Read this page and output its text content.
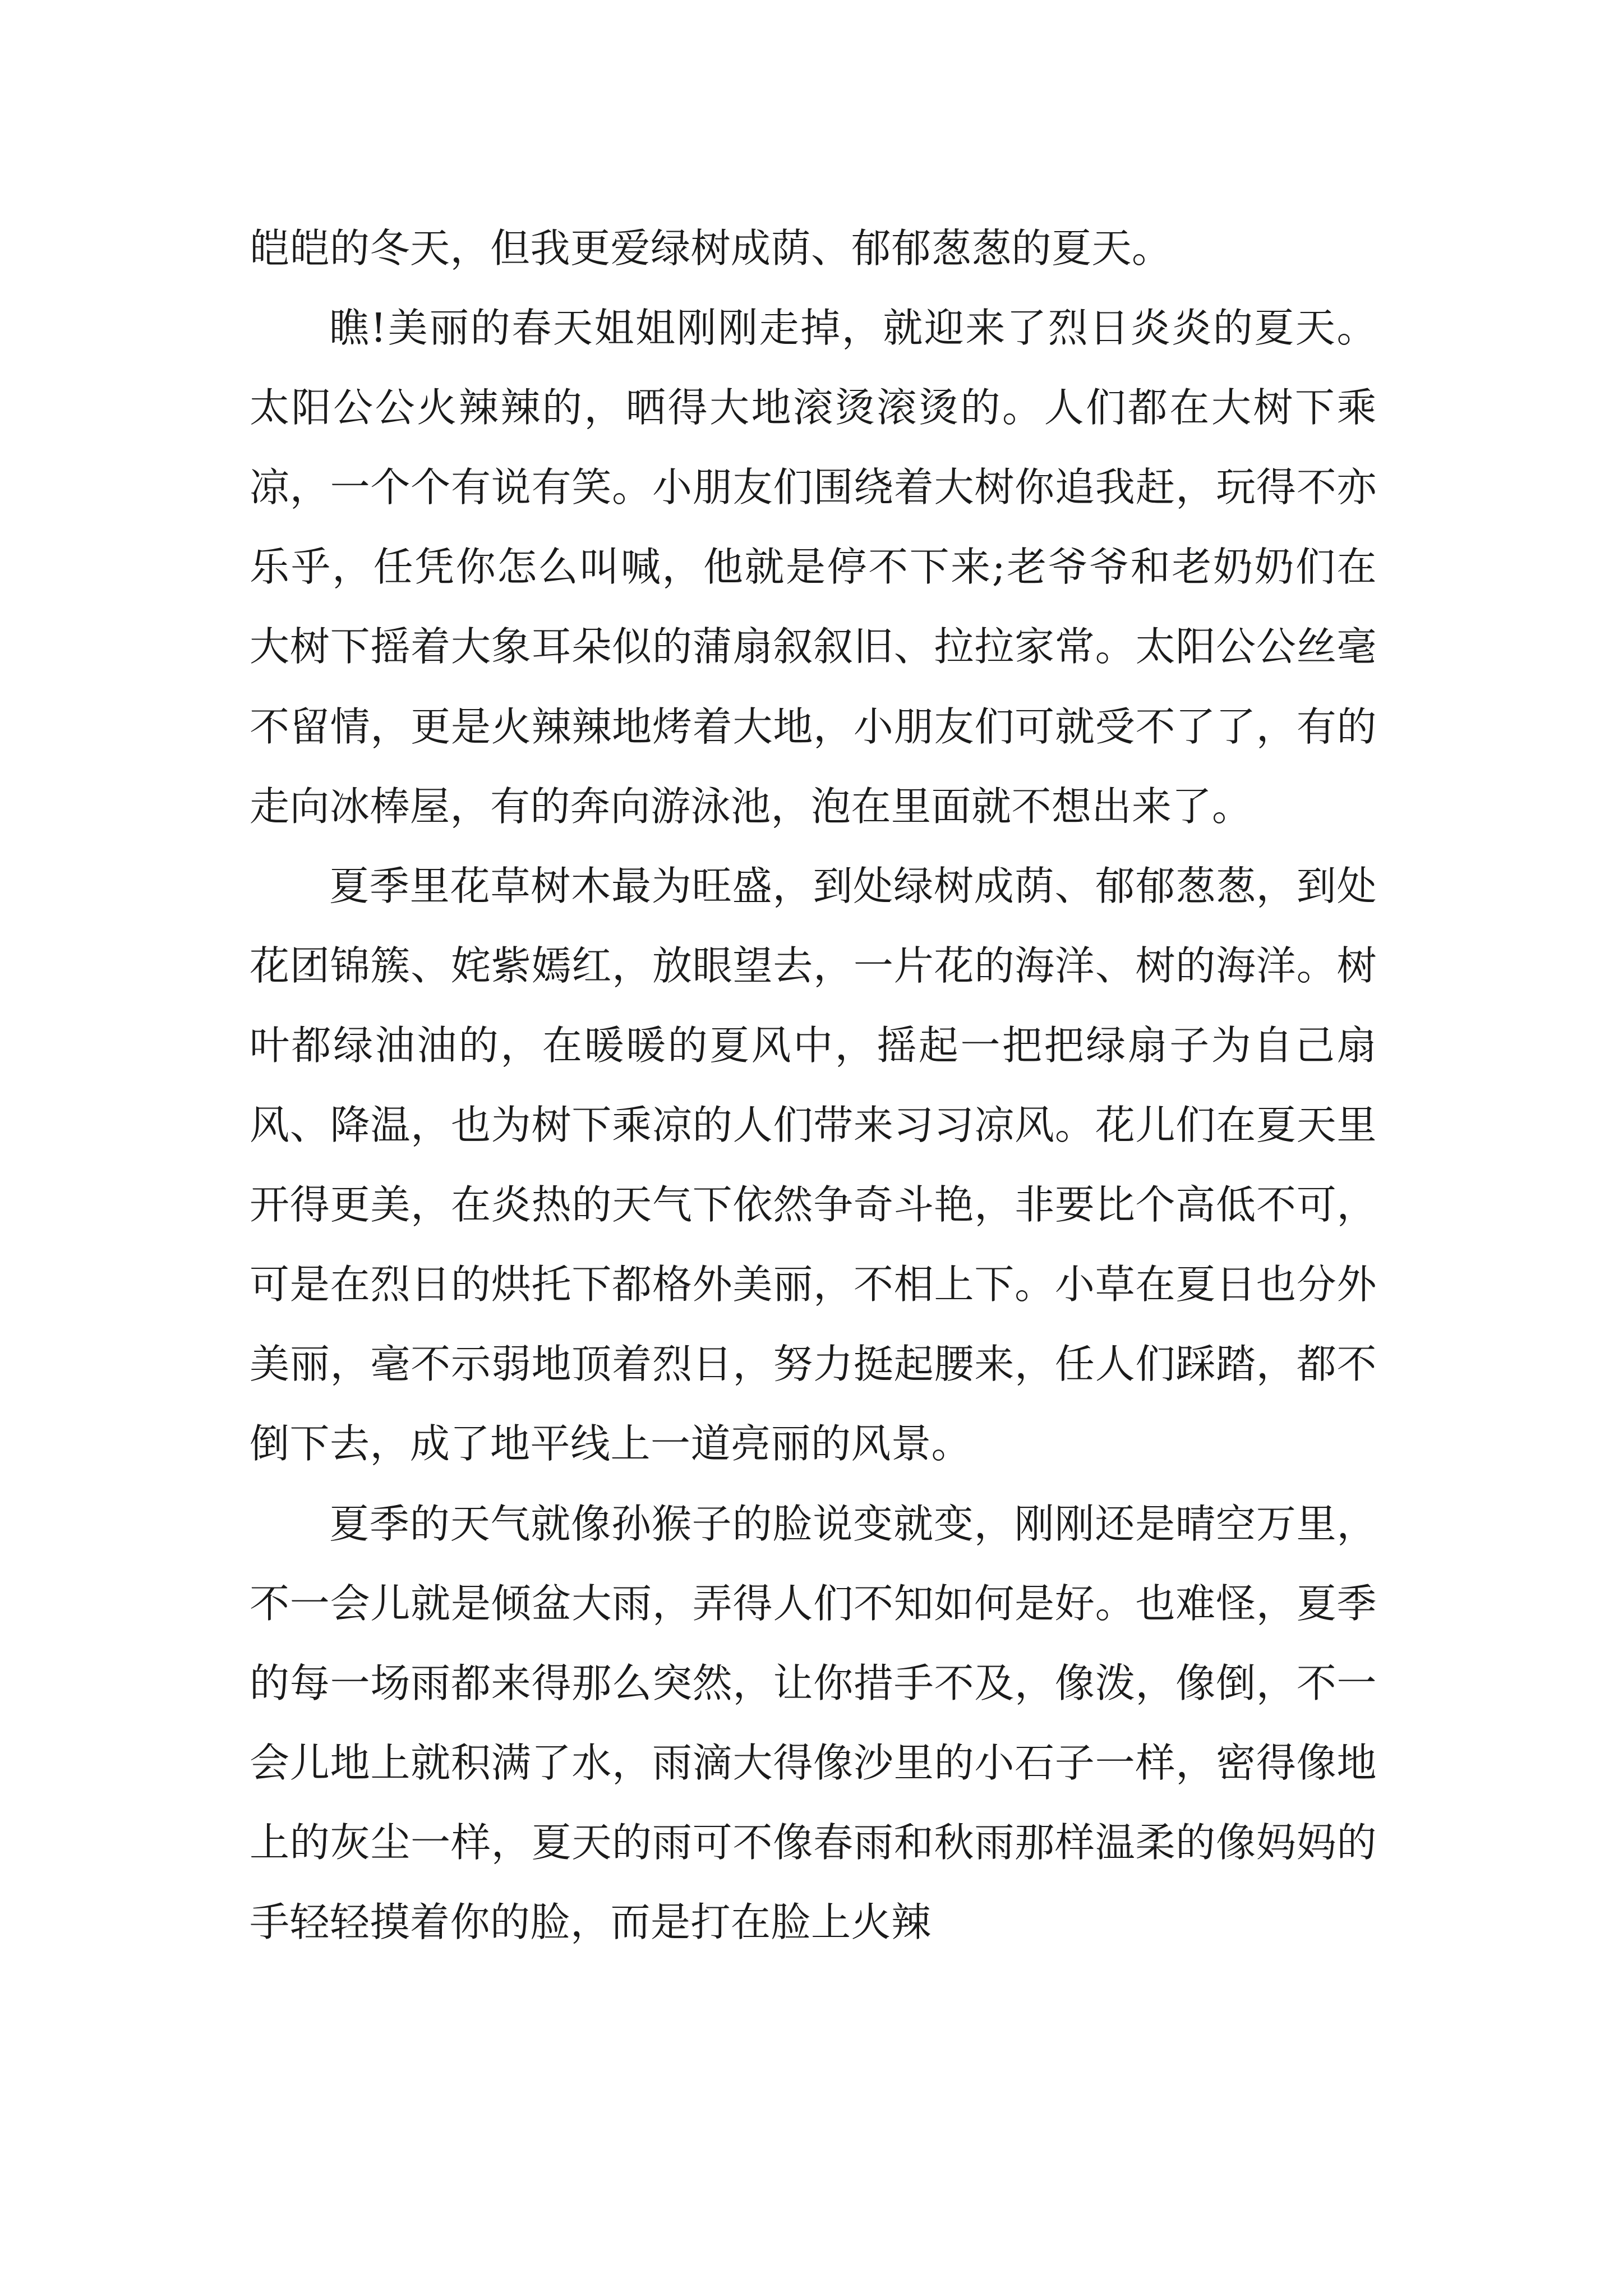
皑皑的冬天，但我更爱绿树成荫、郁郁葱葱的夏天。

瞧!美丽的春天姐姐刚刚走掉，就迎来了烈日炎炎的夏天。太阳公公火辣辣的，晒得大地滚烫滚烫的。人们都在大树下乘凉，一个个有说有笑。小朋友们围绕着大树你追我赶，玩得不亦乐乎，任凭你怎么叫喊，他就是停不下来;老爷爷和老奶奶们在大树下摇着大象耳朵似的蒲扇叙叙旧、拉拉家常。太阳公公丝毫不留情，更是火辣辣地烤着大地，小朋友们可就受不了了，有的走向冰棒屋，有的奔向游泳池，泡在里面就不想出来了。

夏季里花草树木最为旺盛，到处绿树成荫、郁郁葱葱，到处花团锦簇、姹紫嫣红，放眼望去，一片花的海洋、树的海洋。树叶都绿油油的，在暖暖的夏风中，摇起一把把绿扇子为自己扇风、降温，也为树下乘凉的人们带来习习凉风。花儿们在夏天里开得更美，在炎热的天气下依然争奇斗艳，非要比个高低不可，可是在烈日的烘托下都格外美丽，不相上下。小草在夏日也分外美丽，毫不示弱地顶着烈日，努力挺起腰来，任人们踩踏，都不倒下去，成了地平线上一道亮丽的风景。

夏季的天气就像孙猴子的脸说变就变，刚刚还是晴空万里，不一会儿就是倾盆大雨，弄得人们不知如何是好。也难怪，夏季的每一场雨都来得那么突然，让你措手不及，像泼，像倒，不一会儿地上就积满了水，雨滴大得像沙里的小石子一样，密得像地上的灰尘一样，夏天的雨可不像春雨和秋雨那样温柔的像妈妈的手轻轻摸着你的脸，而是打在脸上火辣
